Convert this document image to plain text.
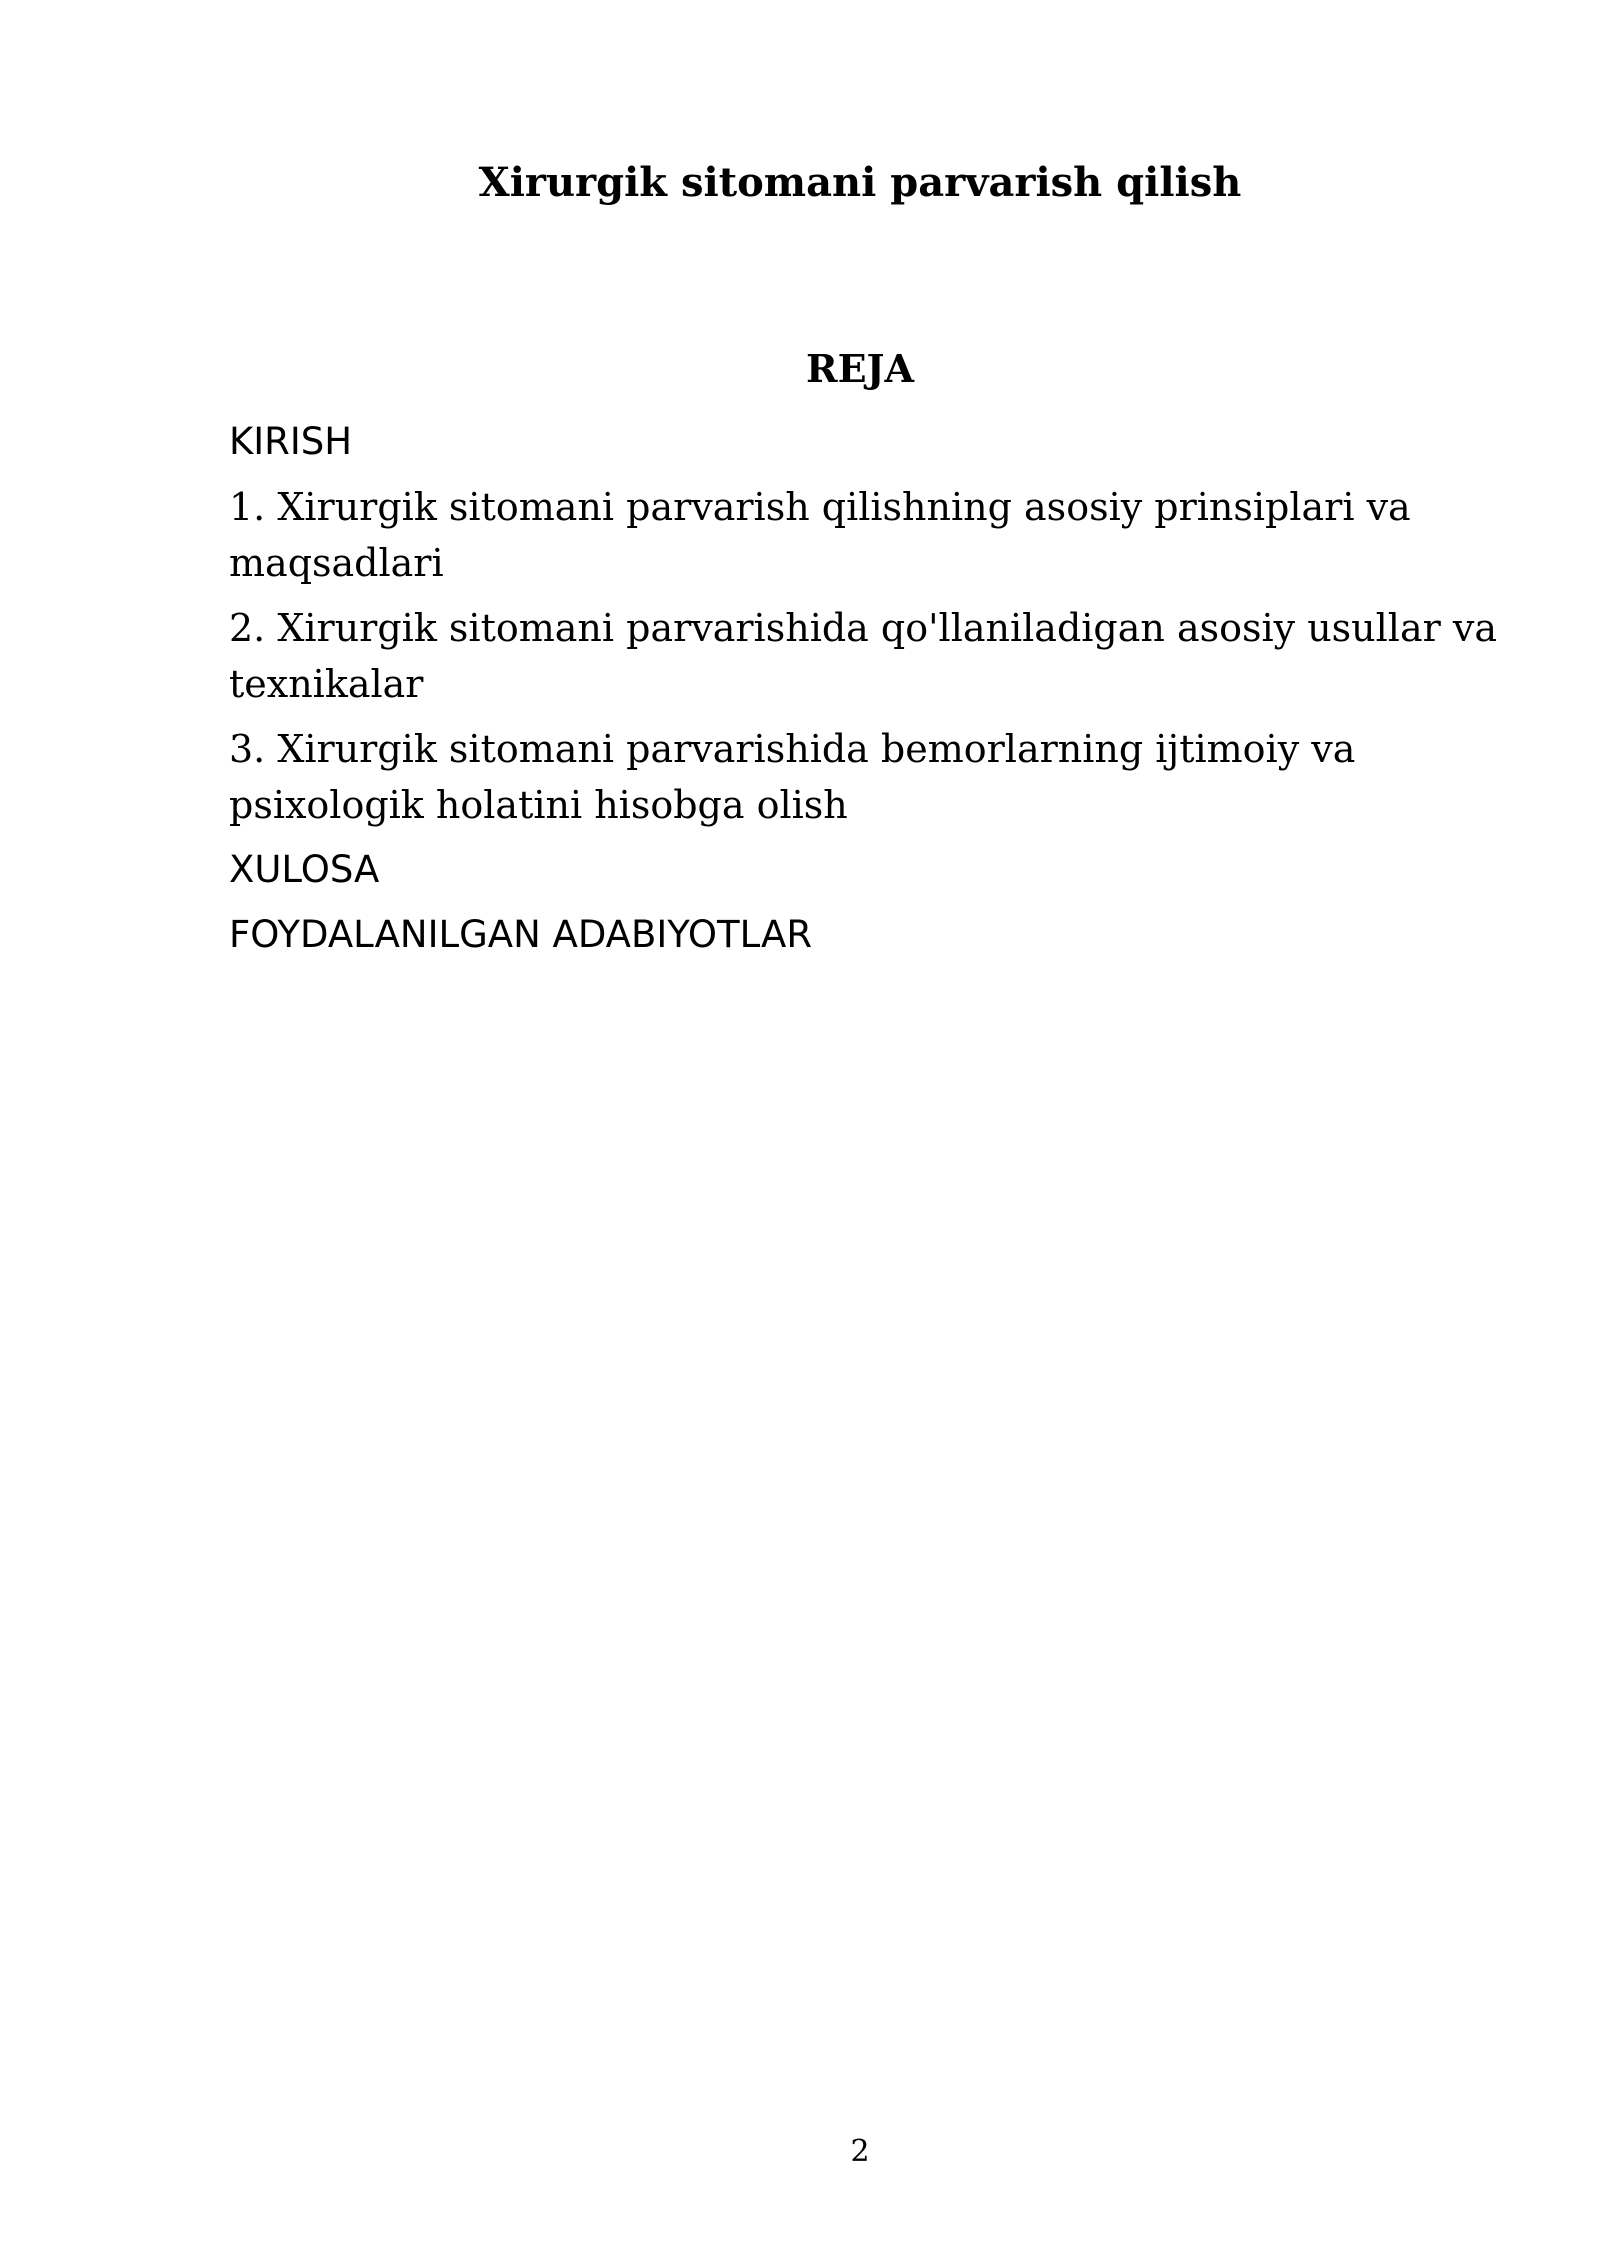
Xirurgik sitomani parvarish qilish
REJA
KIRISH
1. Xirurgik sitomani parvarish qilishning asosiy prinsiplari va maqsadlari
2. Xirurgik sitomani parvarishida qo'llaniladigan asosiy usullar va texnikalar
3. Xirurgik sitomani parvarishida bemorlarning ijtimoiy va psixologik holatini hisobga olish
XULOSA
FOYDALANILGAN ADABIYOTLAR
2
